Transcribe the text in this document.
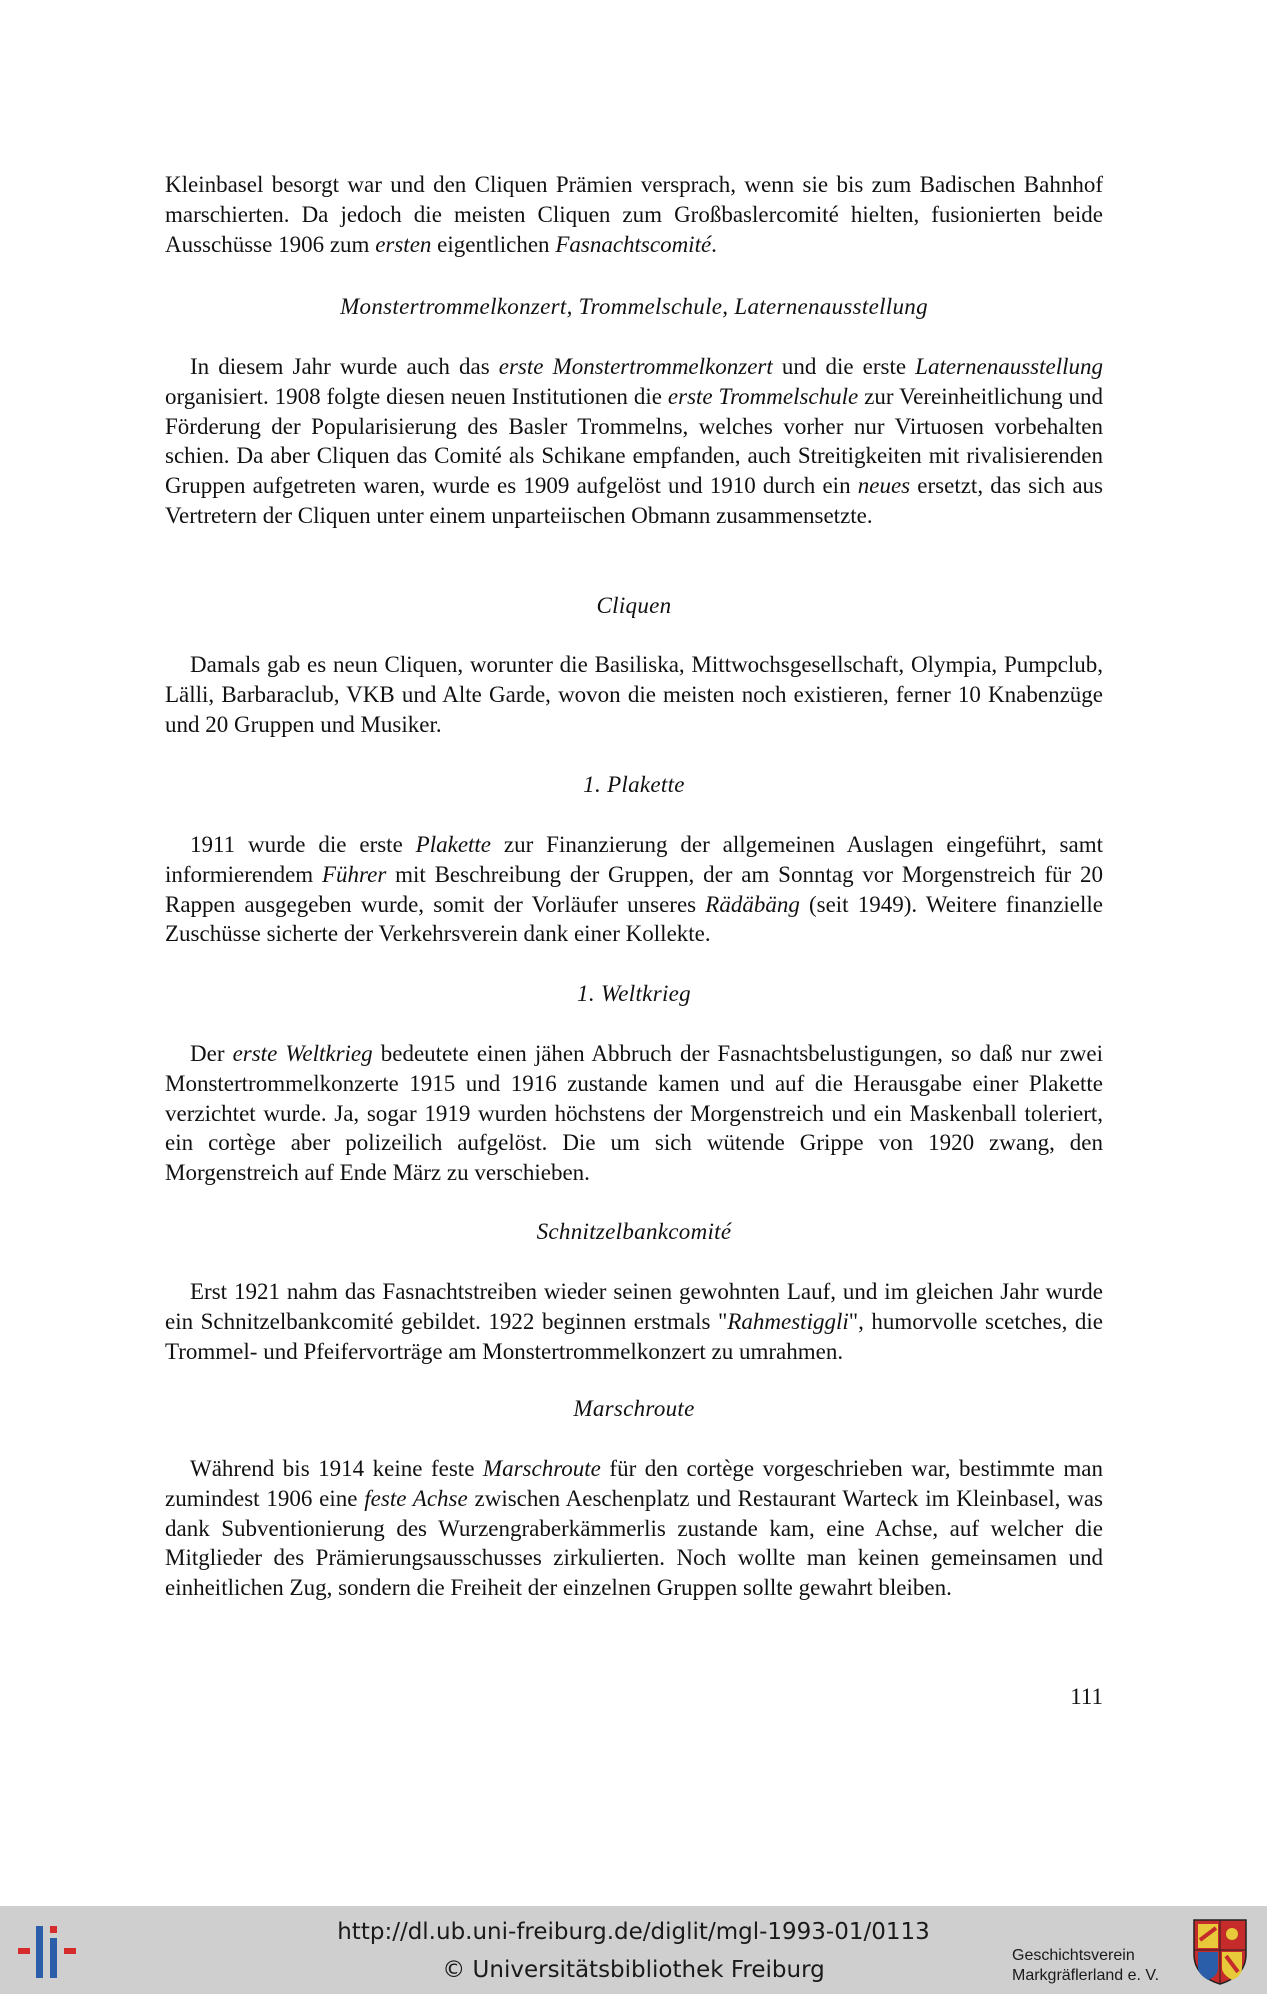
Kleinbasel besorgt war und den Cliquen Prämien versprach, wenn sie bis zum Badischen Bahnhof marschierten. Da jedoch die meisten Cliquen zum Großbaslercomité hielten, fusionierten beide Ausschüsse 1906 zum ersten eigentlichen Fasnachtscomité.

Monstertrommelkonzert, Trommelschule, Laternenausstellung

In diesem Jahr wurde auch das erste Monstertrommelkonzert und die erste Laternenausstellung organisiert. 1908 folgte diesen neuen Institutionen die erste Trommelschule zur Vereinheitlichung und Förderung der Popularisierung des Basler Trommelns, welches vorher nur Virtuosen vorbehalten schien. Da aber Cliquen das Comité als Schikane empfanden, auch Streitigkeiten mit rivalisierenden Gruppen aufgetreten waren, wurde es 1909 aufgelöst und 1910 durch ein neues ersetzt, das sich aus Vertretern der Cliquen unter einem unparteiischen Obmann zusammensetzte.

Cliquen

Damals gab es neun Cliquen, worunter die Basiliska, Mittwochsgesellschaft, Olympia, Pumpclub, Lälli, Barbaraclub, VKB und Alte Garde, wovon die meisten noch existieren, ferner 10 Knabenzüge und 20 Gruppen und Musiker.

1. Plakette

1911 wurde die erste Plakette zur Finanzierung der allgemeinen Auslagen eingeführt, samt informierendem Führer mit Beschreibung der Gruppen, der am Sonntag vor Morgenstreich für 20 Rappen ausgegeben wurde, somit der Vorläufer unseres Rädäbäng (seit 1949). Weitere finanzielle Zuschüsse sicherte der Verkehrsverein dank einer Kollekte.

1. Weltkrieg

Der erste Weltkrieg bedeutete einen jähen Abbruch der Fasnachtsbelustigungen, so daß nur zwei Monstertrommelkonzerte 1915 und 1916 zustande kamen und auf die Herausgabe einer Plakette verzichtet wurde. Ja, sogar 1919 wurden höchstens der Morgenstreich und ein Maskenball toleriert, ein cortège aber polizeilich aufgelöst. Die um sich wütende Grippe von 1920 zwang, den Morgenstreich auf Ende März zu verschieben.

Schnitzelbankcomité

Erst 1921 nahm das Fasnachtstreiben wieder seinen gewohnten Lauf, und im gleichen Jahr wurde ein Schnitzelbankcomité gebildet. 1922 beginnen erstmals "Rahmestiggli", humorvolle scetches, die Trommel- und Pfeifervorträge am Monstertrommelkonzert zu umrahmen.

Marschroute

Während bis 1914 keine feste Marschroute für den cortège vorgeschrieben war, bestimmte man zumindest 1906 eine feste Achse zwischen Aeschenplatz und Restaurant Warteck im Kleinbasel, was dank Subventionierung des Wurzengraberkämmerlis zustande kam, eine Achse, auf welcher die Mitglieder des Prämierungsausschusses zirkulierten. Noch wollte man keinen gemeinsamen und einheitlichen Zug, sondern die Freiheit der einzelnen Gruppen sollte gewahrt bleiben.

111
http://dl.ub.uni-freiburg.de/diglit/mgl-1993-01/0113
© Universitätsbibliothek Freiburg
Geschichtsverein
Markgräflerland e. V.
